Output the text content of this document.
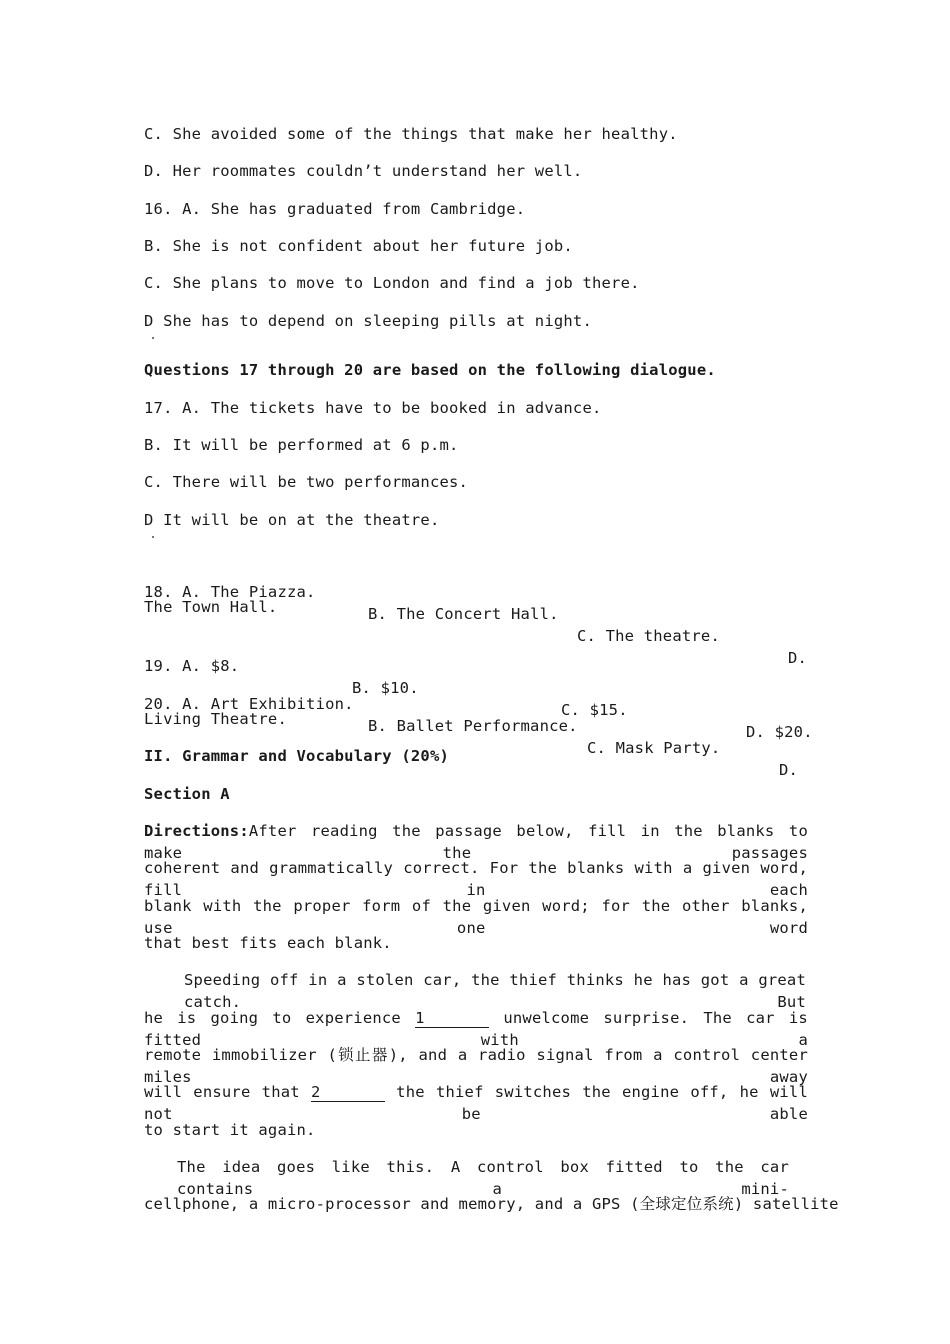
C. She avoided some of the things that make her healthy.
D. Her roommates couldn’t understand her well.
16. A. She has graduated from Cambridge.
B. She is not confident about her future job.
C. She plans to move to London and find a job there.
D She has to depend on sleeping pills at night.
Questions 17 through 20 are based on the following dialogue.
17. A. The tickets have to be booked in advance.
B. It will be performed at 6 p.m.
C. There will be two performances.
D It will be on at the theatre.

18. A. The Piazza.

B. The Concert Hall.

C. The theatre.

D.

The Town Hall.

19. A. $8.

B. $10.

C. $15.

D. $20.

20. A. Art Exhibition.

B. Ballet Performance.

C. Mask Party.

D.

Living Theatre.
II. Grammar and Vocabulary (20%)
Section A
Directions:After reading the passage below, fill in the blanks to make the passages
coherent and grammatically correct. For the blanks with a given word, fill in each
blank with the proper form of the given word; for the other blanks, use one word
that best fits each blank.
Speeding off in a stolen car, the thief thinks he has got a great catch. But
he is going to experience 1	unwelcome surprise. The car is fitted with a
remote immobilizer (锁止器), and a radio signal from a control center miles away
will ensure that 2	the thief switches the engine off, he will not be able
to start it again.
The idea goes like this. A control box fitted to the car contains a mini-
cellphone, a micro-processor and memory, and a GPS (全球定位系统) satellite
